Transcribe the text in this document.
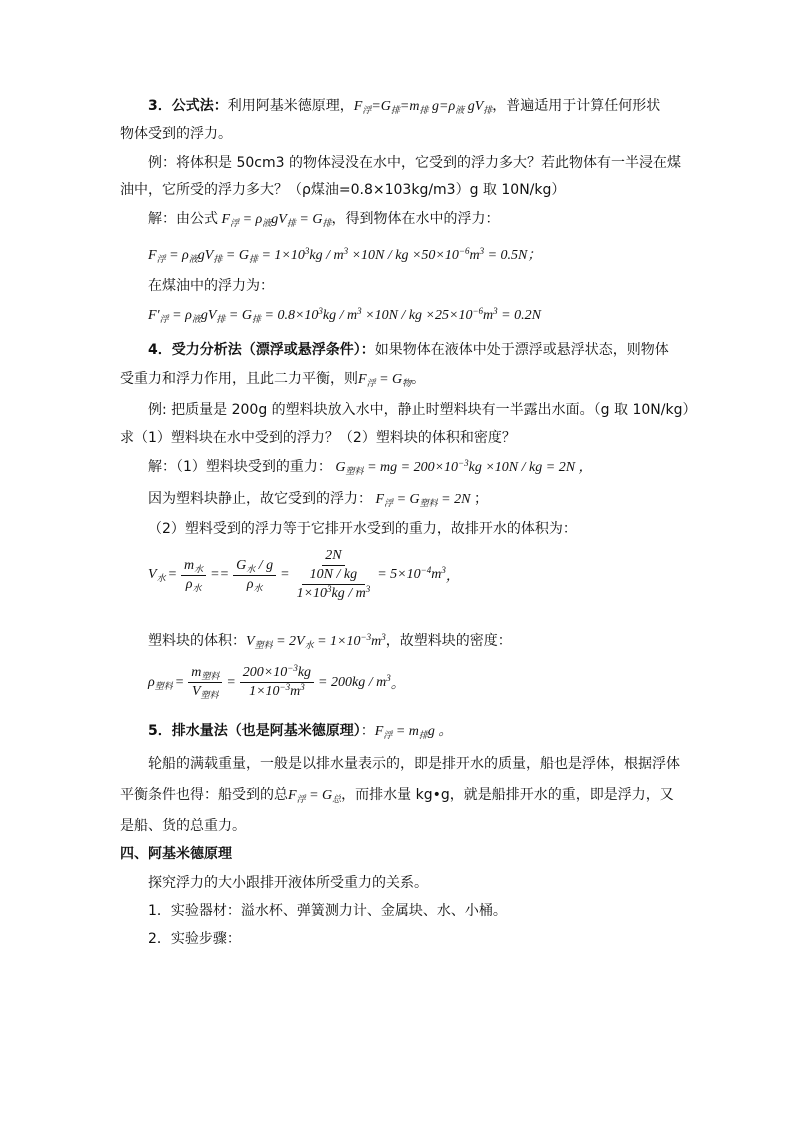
3．公式法：利用阿基米德原理，$F_浮=G_排=m_排$ $g=\rho_液$ $gV_排$，普遍适用于计算任何形状
物体受到的浮力。
例：将体积是 50cm3 的物体浸没在水中，它受到的浮力多大？若此物体有一半浸在煤
油中，它所受的浮力多大？（ρ煤油=0.8×103kg/m3）g 取 10N/kg）
解：由公式 $F_浮 = \rho_液gV_排 = G_排$，得到物体在水中的浮力：
$F_浮 = \rho_液gV_排 = G_排 = 1\times 10^3kg / m^3 \times 10N$ / kg $\times 50\times 10^{-6}m^3 = 0.5N$；
在煤油中的浮力为：
$F'_浮 = \rho_液gV_排 = G_排 = 0.8\times 10^3kg / m^3 \times 10N$ / kg $\times 25\times 10^{-6}m^3 = 0.2N$
4．受力分析法（漂浮或悬浮条件）：如果物体在液体中处于漂浮或悬浮状态，则物体
受重力和浮力作用，且此二力平衡，则$F_浮 = G_物$。
例: 把质量是 200g 的塑料块放入水中，静止时塑料块有一半露出水面。（g 取 10N/kg）
求（1）塑料块在水中受到的浮力？（2）塑料块的体积和密度？
解：（1）塑料块受到的重力： $G_{塑料}$ = mg = $200\times 10^{-3}kg \times 10N$ / kg = 2N ，
因为塑料块静止，故它受到的浮力： $F_浮 = G_{塑料} = 2N$ ；
（2）塑料受到的浮力等于它排开水受到的重力，故排开水的体积为：
$V_水 = \frac{m_水}{\rho_水} == \frac{G_水 / g}{\rho_水} = \frac{\frac{2N}{10N / kg}}{1\times 10^3kg / m^3} = 5\times 10^{-4}$ $m^3$ ，
塑料块的体积：$V_{塑料} = 2V_水 = 1\times 10^{-3}m^3$，故塑料块的密度：
$\rho_{塑料} = \frac{m_{塑料}}{V_{塑料}} = \frac{200\times 10^{-3}kg}{1\times 10^{-3}m^3} = 200$ kg / $m^3$ 。
5．排水量法（也是阿基米德原理）：$F_浮 = m_排g$ 。
轮船的满载重量，一般是以排水量表示的，即是排开水的质量，船也是浮体，根据浮体
平衡条件也得：船受到的总$F_浮 = G_总$，而排水量 kg•g，就是船排开水的重，即是浮力，又
是船、货的总重力。
四、阿基米德原理
探究浮力的大小跟排开液体所受重力的关系。
1．实验器材：溢水杯、弹簧测力计、金属块、水、小桶。
2．实验步骤：
